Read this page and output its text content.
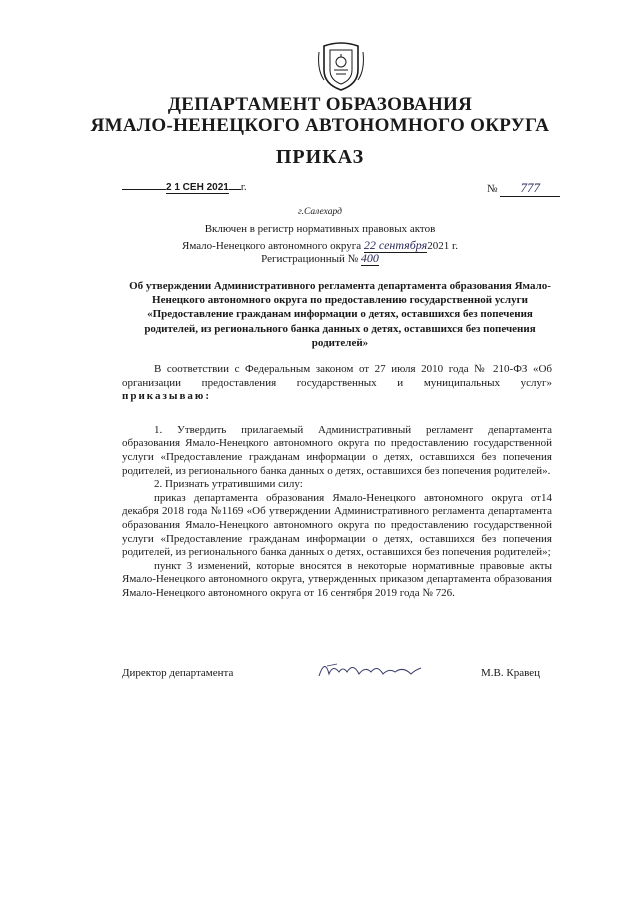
ДЕПАРТАМЕНТ ОБРАЗОВАНИЯ
ЯМАЛО-НЕНЕЦКОГО АВТОНОМНОГО ОКРУГА
ПРИКАЗ
2 1 СЕН 2021 г.	№ 777
г.Салехард
Включен в регистр нормативных правовых актов
Ямало-Ненецкого автономного округа 22 сентября2021 г.
Регистрационный № 400
Об утверждении Административного регламента департамента образования Ямало-Ненецкого автономного округа по предоставлению государственной услуги «Предоставление гражданам информации о детях, оставшихся без попечения родителей, из регионального банка данных о детях, оставшихся без попечения родителей»

В соответствии с Федеральным законом от 27 июля 2010 года № 210-ФЗ «Об организации предоставления государственных и муниципальных услуг» приказываю:

1. Утвердить прилагаемый Административный регламент департамента образования Ямало-Ненецкого автономного округа по предоставлению государственной услуги «Предоставление гражданам информации о детях, оставшихся без попечения родителей, из регионального банка данных о детях, оставшихся без попечения родителей».

2. Признать утратившими силу:

приказ департамента образования Ямало-Ненецкого автономного округа от14 декабря 2018 года №1169 «Об утверждении Административного регламента департамента образования Ямало-Ненецкого автономного округа по предоставлению государственной услуги «Предоставление гражданам информации о детях, оставшихся без попечения родителей, из регионального банка данных о детях, оставшихся без попечения родителей»;

пункт 3 изменений, которые вносятся в некоторые нормативные правовые акты Ямало-Ненецкого автономного округа, утвержденных приказом департамента образования Ямало-Ненецкого автономного округа от 16 сентября 2019 года № 726.

Директор департамента	М.В. Кравец
